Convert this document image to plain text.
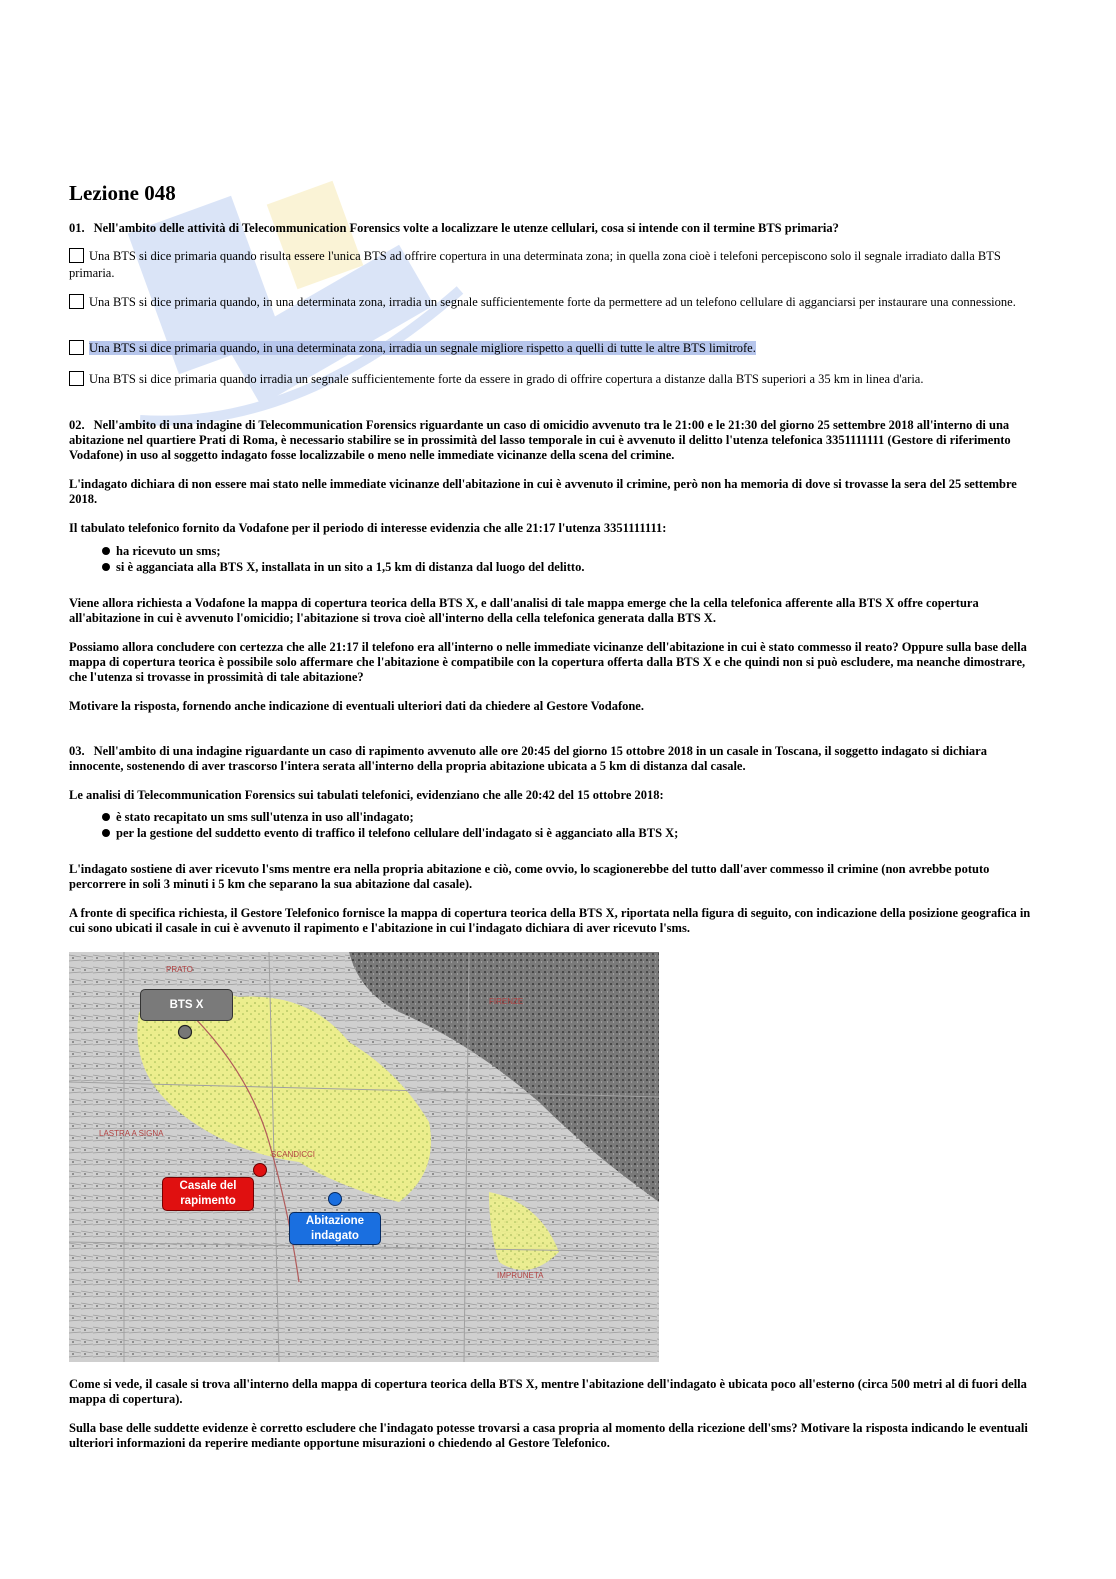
Lezione 048
01. Nell'ambito delle attività di Telecommunication Forensics volte a localizzare le utenze cellulari, cosa si intende con il termine BTS primaria?
Una BTS si dice primaria quando risulta essere l'unica BTS ad offrire copertura in una determinata zona; in quella zona cioè i telefoni percepiscono solo il segnale irradiato dalla BTS primaria.
Una BTS si dice primaria quando, in una determinata zona, irradia un segnale sufficientemente forte da permettere ad un telefono cellulare di agganciarsi per instaurare una connessione.
Una BTS si dice primaria quando, in una determinata zona, irradia un segnale migliore rispetto a quelli di tutte le altre BTS limitrofe.
Una BTS si dice primaria quando irradia un segnale sufficientemente forte da essere in grado di offrire copertura a distanze dalla BTS superiori a 35 km in linea d'aria.
02. Nell'ambito di una indagine di Telecommunication Forensics riguardante un caso di omicidio avvenuto tra le 21:00 e le 21:30 del giorno 25 settembre 2018 all'interno di una abitazione nel quartiere Prati di Roma, è necessario stabilire se in prossimità del lasso temporale in cui è avvenuto il delitto l'utenza telefonica 3351111111 (Gestore di riferimento Vodafone) in uso al soggetto indagato fosse localizzabile o meno nelle immediate vicinanze della scena del crimine.
L'indagato dichiara di non essere mai stato nelle immediate vicinanze dell'abitazione in cui è avvenuto il crimine, però non ha memoria di dove si trovasse la sera del 25 settembre 2018.
Il tabulato telefonico fornito da Vodafone per il periodo di interesse evidenzia che alle 21:17 l'utenza 3351111111:
ha ricevuto un sms;
si è agganciata alla BTS X, installata in un sito a 1,5 km di distanza dal luogo del delitto.
Viene allora richiesta a Vodafone la mappa di copertura teorica della BTS X, e dall'analisi di tale mappa emerge che la cella telefonica afferente alla BTS X offre copertura all'abitazione in cui è avvenuto l'omicidio; l'abitazione si trova cioè all'interno della cella telefonica generata dalla BTS X.
Possiamo allora concludere con certezza che alle 21:17 il telefono era all'interno o nelle immediate vicinanze dell'abitazione in cui è stato commesso il reato? Oppure sulla base della mappa di copertura teorica è possibile solo affermare che l'abitazione è compatibile con la copertura offerta dalla BTS X e che quindi non si può escludere, ma neanche dimostrare, che l'utenza si trovasse in prossimità di tale abitazione?
Motivare la risposta, fornendo anche indicazione di eventuali ulteriori dati da chiedere al Gestore Vodafone.
03. Nell'ambito di una indagine riguardante un caso di rapimento avvenuto alle ore 20:45 del giorno 15 ottobre 2018 in un casale in Toscana, il soggetto indagato si dichiara innocente, sostenendo di aver trascorso l'intera serata all'interno della propria abitazione ubicata a 5 km di distanza dal casale.
Le analisi di Telecommunication Forensics sui tabulati telefonici, evidenziano che alle 20:42 del 15 ottobre 2018:
è stato recapitato un sms sull'utenza in uso all'indagato;
per la gestione del suddetto evento di traffico il telefono cellulare dell'indagato si è agganciato alla BTS X;
L'indagato sostiene di aver ricevuto l'sms mentre era nella propria abitazione e ciò, come ovvio, lo scagionerebbe del tutto dall'aver commesso il crimine (non avrebbe potuto percorrere in soli 3 minuti i 5 km che separano la sua abitazione dal casale).
A fronte di specifica richiesta, il Gestore Telefonico fornisce la mappa di copertura teorica della BTS X, riportata nella figura di seguito, con indicazione della posizione geografica in cui sono ubicati il casale in cui è avvenuto il rapimento e l'abitazione in cui l'indagato dichiara di aver ricevuto l'sms.
PRATO
FIRENZE
LASTRA A SIGNA
SCANDICCI
IMPRUNETA
BTS X
Casale del
rapimento
Abitazione
indagato
Come si vede, il casale si trova all'interno della mappa di copertura teorica della BTS X, mentre l'abitazione dell'indagato è ubicata poco all'esterno (circa 500 metri al di fuori della mappa di copertura).
Sulla base delle suddette evidenze è corretto escludere che l'indagato potesse trovarsi a casa propria al momento della ricezione dell'sms? Motivare la risposta indicando le eventuali ulteriori informazioni da reperire mediante opportune misurazioni o chiedendo al Gestore Telefonico.
